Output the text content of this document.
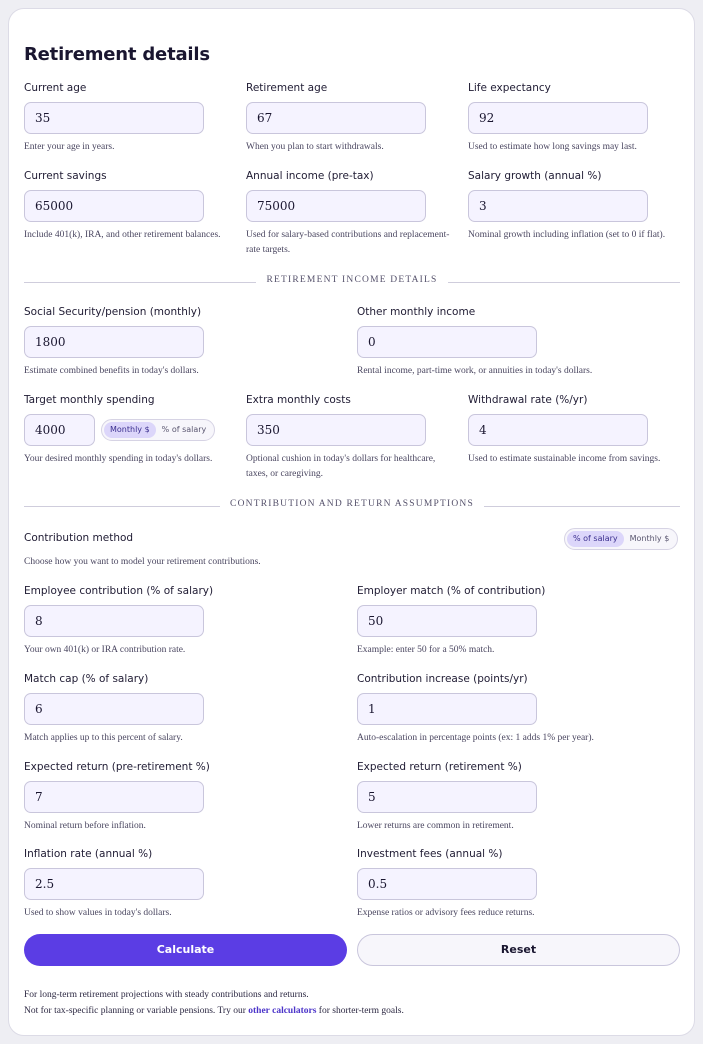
Retirement details
Current age
35
Enter your age in years.
Retirement age
67
When you plan to start withdrawals.
Life expectancy
92
Used to estimate how long savings may last.
Current savings
65000
Include 401(k), IRA, and other retirement balances.
Annual income (pre-tax)
75000
Used for salary-based contributions and replacement-
rate targets.
Salary growth (annual %)
3
Nominal growth including inflation (set to 0 if flat).
RETIREMENT INCOME DETAILS
Social Security/pension (monthly)
1800
Estimate combined benefits in today's dollars.
Other monthly income
0
Rental income, part-time work, or annuities in today's dollars.
Target monthly spending
4000	Monthly $	% of salary
Your desired monthly spending in today's dollars.
Extra monthly costs
350
Optional cushion in today's dollars for healthcare,
taxes, or caregiving.
Withdrawal rate (%/yr)
4
Used to estimate sustainable income from savings.
CONTRIBUTION AND RETURN ASSUMPTIONS
Contribution method
Choose how you want to model your retirement contributions.
% of salary	Monthly $
Employee contribution (% of salary)
8
Your own 401(k) or IRA contribution rate.
Employer match (% of contribution)
50
Example: enter 50 for a 50% match.
Match cap (% of salary)
6
Match applies up to this percent of salary.
Contribution increase (points/yr)
1
Auto-escalation in percentage points (ex: 1 adds 1% per year).
Expected return (pre-retirement %)
7
Nominal return before inflation.
Expected return (retirement %)
5
Lower returns are common in retirement.
Inflation rate (annual %)
2.5
Used to show values in today's dollars.
Investment fees (annual %)
0.5
Expense ratios or advisory fees reduce returns.
Calculate	Reset
For long-term retirement projections with steady contributions and returns.
Not for tax-specific planning or variable pensions. Try our other calculators for shorter-term goals.
